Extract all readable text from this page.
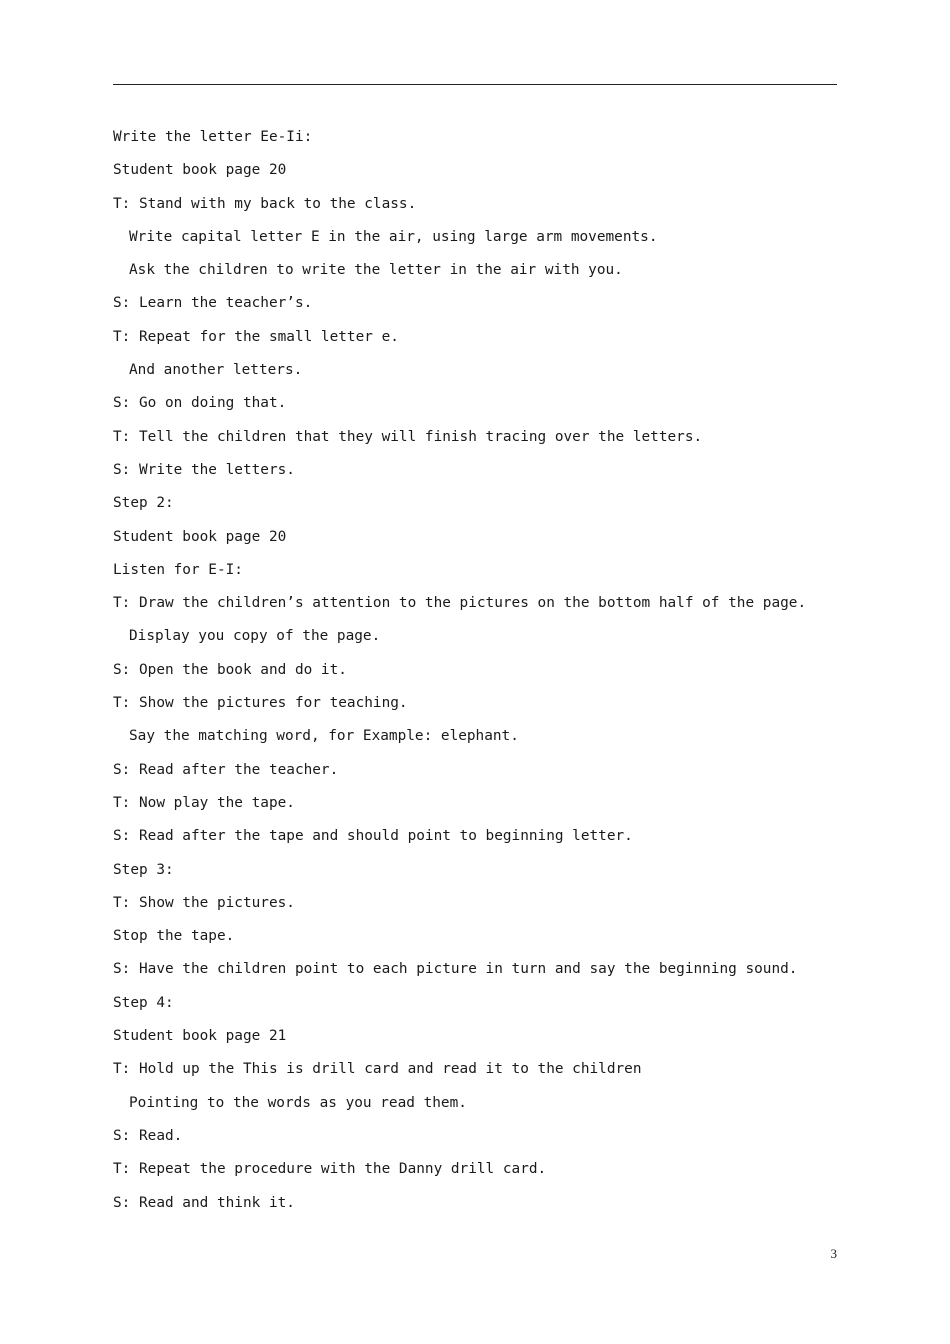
Write the letter Ee-Ii:
Student book page 20
T: Stand with my back to the class.
Write capital letter E in the air, using large arm movements.
Ask the children to write the letter in the air with you.
S: Learn the teacher’s.
T: Repeat for the small letter e.
And another letters.
S: Go on doing that.
T: Tell the children that they will finish tracing over the letters.
S: Write the letters.
Step 2:
Student book page 20
Listen for E-I:
T: Draw the children’s attention to the pictures on the bottom half of the page.
Display you copy of the page.
S: Open the book and do it.
T: Show the pictures for teaching.
Say the matching word, for Example: elephant.
S: Read after the teacher.
T: Now play the tape.
S: Read after the tape and should point to beginning letter.
Step 3:
T: Show the pictures.
Stop the tape.
S: Have the children point to each picture in turn and say the beginning sound.
Step 4:
Student book page 21
T: Hold up the This is drill card and read it to the children
Pointing to the words as you read them.
S: Read.
T: Repeat the procedure with the Danny drill card.
S: Read and think it.
3
